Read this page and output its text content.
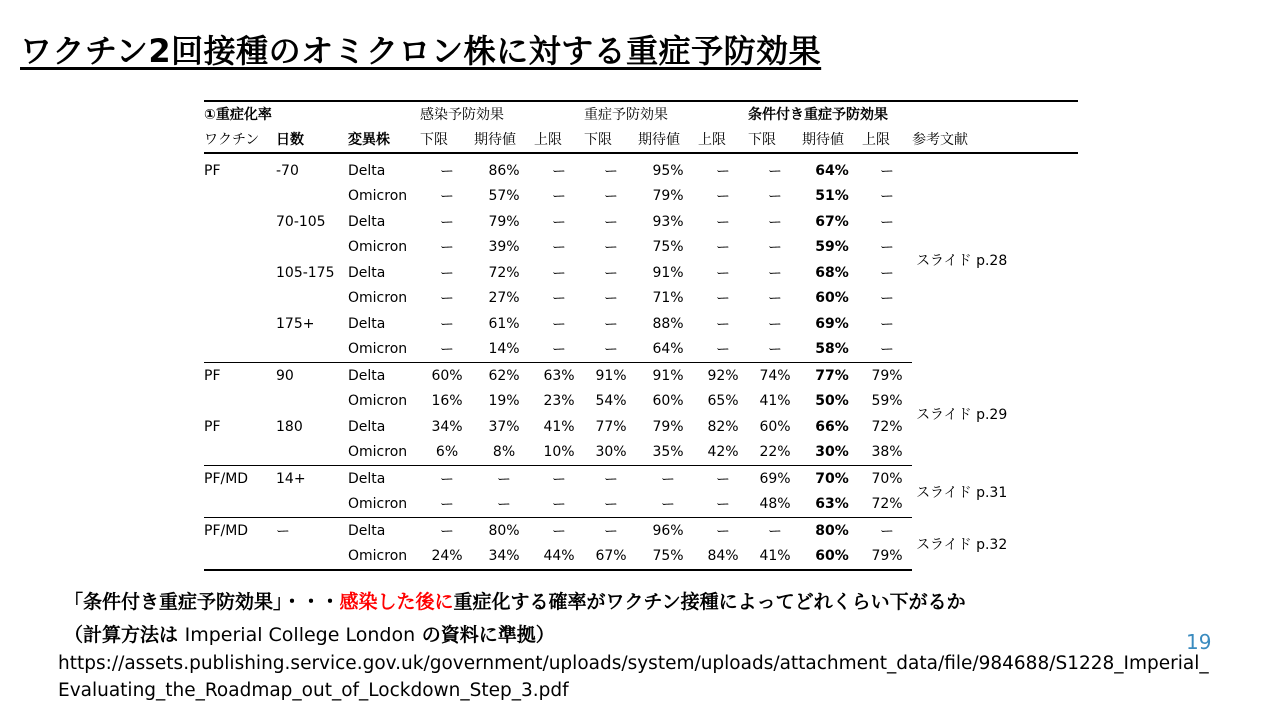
ワクチン2回接種のオミクロン株に対する重症予防効果
①重症化率			感染予防効果			重症予防効果			条件付き重症予防効果			
ワクチン	日数	変異株	下限	期待値	上限	下限	期待値	上限	下限	期待値	上限	参考文献
PF	-70	Delta	ー	86%	ー	ー	95%	ー	ー	64%	ー	スライド p.28
		Omicron	ー	57%	ー	ー	79%	ー	ー	51%	ー	
	70-105	Delta	ー	79%	ー	ー	93%	ー	ー	67%	ー	
		Omicron	ー	39%	ー	ー	75%	ー	ー	59%	ー	
	105-175	Delta	ー	72%	ー	ー	91%	ー	ー	68%	ー	
		Omicron	ー	27%	ー	ー	71%	ー	ー	60%	ー	
	175+	Delta	ー	61%	ー	ー	88%	ー	ー	69%	ー	
		Omicron	ー	14%	ー	ー	64%	ー	ー	58%	ー	
PF	90	Delta	60%	62%	63%	91%	91%	92%	74%	77%	79%	スライド p.29
		Omicron	16%	19%	23%	54%	60%	65%	41%	50%	59%	
PF	180	Delta	34%	37%	41%	77%	79%	82%	60%	66%	72%	
		Omicron	6%	8%	10%	30%	35%	42%	22%	30%	38%	
PF/MD	14+	Delta	ー	ー	ー	ー	ー	ー	69%	70%	70%	スライド p.31
		Omicron	ー	ー	ー	ー	ー	ー	48%	63%	72%	
PF/MD	ー	Delta	ー	80%	ー	ー	96%	ー	ー	80%	ー	スライド p.32
		Omicron	24%	34%	44%	67%	75%	84%	41%	60%	79%	
「条件付き重症予防効果」・・・感染した後に重症化する確率がワクチン接種によってどれくらい下がるか
（計算方法は Imperial College London の資料に準拠）	19
https://assets.publishing.service.gov.uk/government/uploads/system/uploads/attachment_data/file/984688/S1228_Imperial_
Evaluating_the_Roadmap_out_of_Lockdown_Step_3.pdf
